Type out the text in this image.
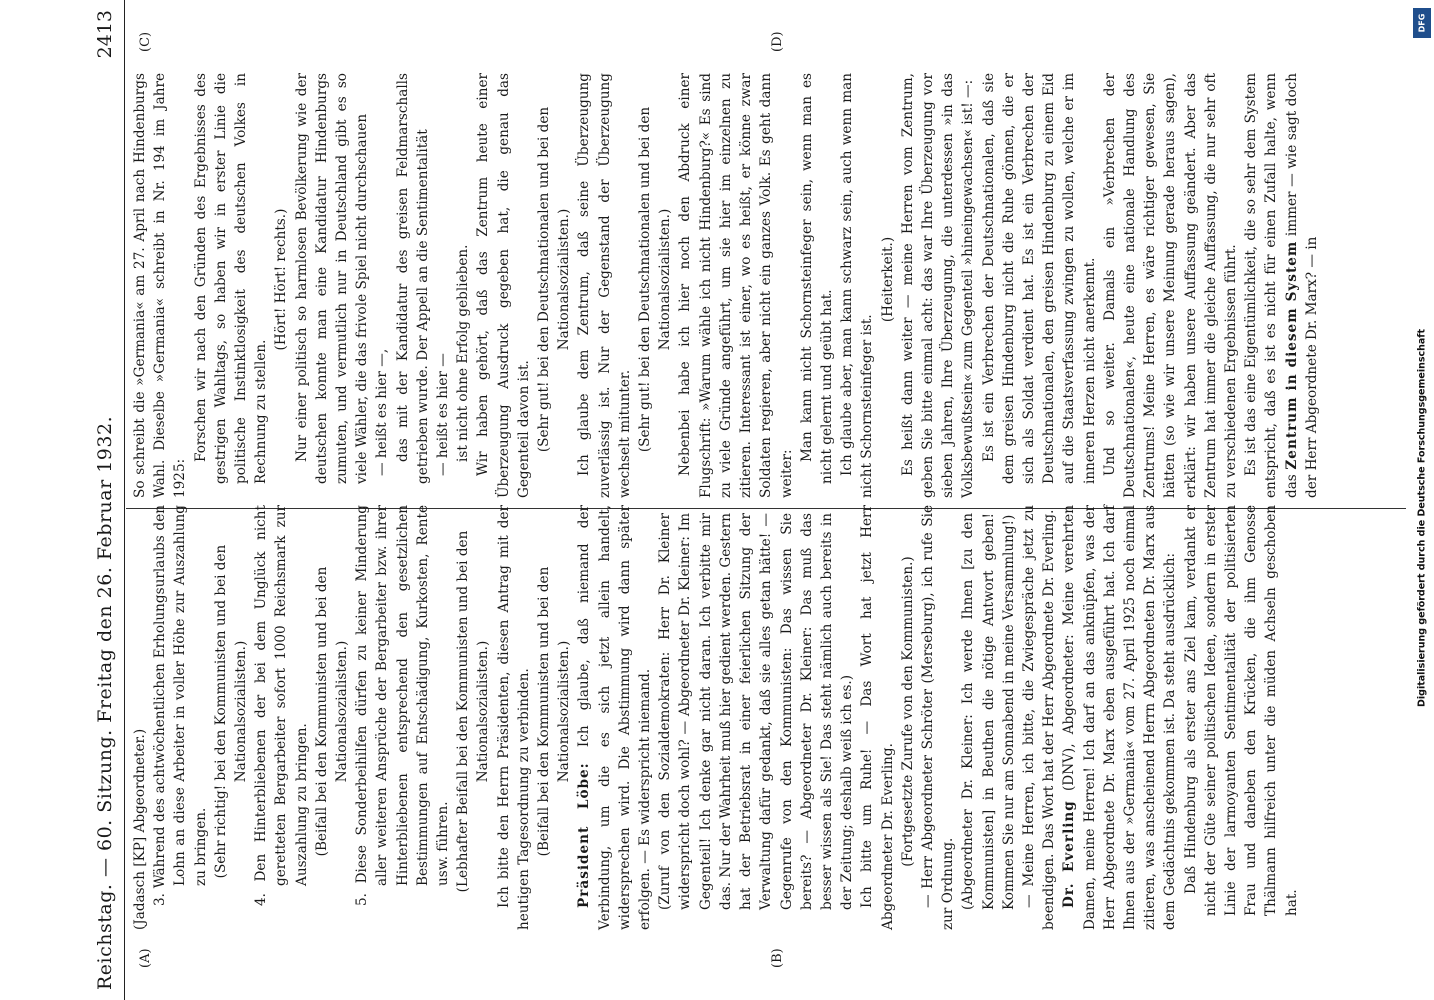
Reichstag. — 60. Sitzung. Freitag den 26. Februar 1932.
2413
(A)	(B)
(C)	(D)

(Jadasch [KP] Abgeordneter.) 3. Während des achtwöchentlichen Erholungsurlaubs den Lohn an diese Arbeiter in voller Höhe zur Auszahlung zu bringen. (Sehr richtig! bei den Kommunisten und bei den Nationalsozialisten.) 4. Den Hinterbliebenen der bei dem Unglück nicht geretteten Bergarbeiter sofort 1000 Reichsmark zur Auszahlung zu bringen. (Beifall bei den Kommunisten und bei den Nationalsozialisten.) 5. Diese Sonderbeihilfen dürfen zu keiner Minderung aller weiteren Ansprüche der Bergarbeiter bzw. ihrer Hinterbliebenen entsprechend den gesetzlichen Bestimmungen auf Entschädigung, Kurkosten, Rente usw. führen. (Lebhafter Beifall bei den Kommunisten und bei den Nationalsozialisten.) Ich bitte den Herrn Präsidenten, diesen Antrag mit der heutigen Tagesordnung zu verbinden. (Beifall bei den Kommunisten und bei den Nationalsozialisten.)

Präsident Löbe: Ich glaube, daß niemand der Verbindung, um die es sich jetzt allein handelt, widersprechen wird. Die Abstimmung wird dann später erfolgen. — Es widerspricht niemand. (Zuruf von den Sozialdemokraten: Herr Dr. Kleiner widerspricht doch wohl? — Abgeordneter Dr. Kleiner: Im Gegenteil! Ich denke gar nicht daran. Ich verbitte mir das. Nur der Wahrheit muß hier gedient werden. Gestern hat der Betriebsrat in einer feierlichen Sitzung der Verwaltung dafür gedankt, daß sie alles getan hätte! — Gegenrufe von den Kommunisten: Das wissen Sie bereits? — Abgeordneter Dr. Kleiner: Das muß das besser wissen als Sie! Das steht nämlich auch bereits in der Zeitung; deshalb weiß ich es.) Ich bitte um Ruhe! — Das Wort hat jetzt Herr Abgeordneter Dr. Everling. (Fortgesetzte Zurufe von den Kommunisten.) — Herr Abgeordneter Schröter (Merseburg), ich rufe Sie zur Ordnung. (Abgeordneter Dr. Kleiner: Ich werde Ihnen [zu den Kommunisten] in Beuthen die nötige Antwort geben! Kommen Sie nur am Sonnabend in meine Versammlung!) — Meine Herren, ich bitte, die Zwiegespräche jetzt zu beendigen. Das Wort hat der Herr Abgeordnete Dr. Everling. Dr. Everling (DNV), Abgeordneter: Meine verehrten Damen, meine Herren! Ich darf an das anknüpfen, was der Herr Abgeordnete Dr. Marx eben ausgeführt hat. Ich darf Ihnen aus der »Germania« vom 27. April 1925 noch einmal zitieren, was anscheinend Herrn Abgeordneten Dr. Marx aus dem Gedächtnis gekommen ist. Da steht ausdrücklich: Daß Hindenburg als erster ans Ziel kam, verdankt er nicht der Güte seiner politischen Ideen, sondern in erster Linie der larmoyanten Sentimentalität der politisierten Frau und daneben den Krücken, die ihm Genosse Thälmann hilfreich unter die müden Achseln geschoben hat.

So schreibt die »Germania« am 27. April nach Hindenburgs Wahl. Dieselbe »Germania« schreibt in Nr. 194 im Jahre 1925:

Forschen wir nach den Gründen des Ergebnisses des gestrigen Wahltags, so haben wir in erster Linie die politische Instinktlosigkeit des deutschen Volkes in Rechnung zu stellen.

(Hört! Hört! rechts.) Nur einer politisch so harmlosen Bevölkerung wie der deutschen konnte man eine Kandidatur Hindenburgs zumuten, und vermutlich nur in Deutschland gibt es so viele Wähler, die das frivole Spiel nicht durchschauen — heißt es hier —, das mit der Kandidatur des greisen Feldmarschalls getrieben wurde. Der Appell an die Sentimentalität — heißt es hier — ist nicht ohne Erfolg geblieben. Wir haben gehört, daß das Zentrum heute einer Überzeugung Ausdruck gegeben hat, die genau das Gegenteil davon ist. (Sehr gut! bei den Deutschnationalen und bei den Nationalsozialisten.) Ich glaube dem Zentrum, daß seine Überzeugung zuverlässig ist. Nur der Gegenstand der Überzeugung wechselt mitunter. (Sehr gut! bei den Deutschnationalen und bei den Nationalsozialisten.) Nebenbei habe ich hier noch den Abdruck einer Flugschrift: »Warum wähle ich nicht Hindenburg?« Es sind zu viele Gründe angeführt, um sie hier im einzelnen zu zitieren. Interessant ist einer, wo es heißt, er könne zwar Soldaten regieren, aber nicht ein ganzes Volk. Es geht dann weiter:

Man kann nicht Schornsteinfeger sein, wenn man es nicht gelernt und geübt hat. Ich glaube aber, man kann schwarz sein, auch wenn man nicht Schornsteinfeger ist.

(Heiterkeit.) Es heißt dann weiter — meine Herren vom Zentrum, geben Sie bitte einmal acht: das war Ihre Überzeugung vor sieben Jahren, Ihre Überzeugung, die unterdessen »in das Volksbewußtsein« zum Gegenteil »hineingewachsen« ist! —: Es ist ein Verbrechen der Deutschnationalen, daß sie dem greisen Hindenburg nicht die Ruhe gönnen, die er sich als Soldat verdient hat. Es ist ein Verbrechen der Deutschnationalen, den greisen Hindenburg zu einem Eid auf die Staatsverfassung zwingen zu wollen, welche er im inneren Herzen nicht anerkennt. Und so weiter. Damals ein »Verbrechen der Deutschnationalen«, heute eine nationale Handlung des Zentrums! Meine Herren, es wäre richtiger gewesen, Sie hätten (so wie wir unsere Meinung gerade heraus sagen), erklärt: wir haben unsere Auffassung geändert. Aber das Zentrum hat immer die gleiche Auffassung, die nur sehr oft zu verschiedenen Ergebnissen führt. Es ist das eine Eigentümlichkeit, die so sehr dem System entspricht, daß es ist es nicht für einen Zufall halte, wenn das Zentrum in diesem System immer — wie sagt doch der Herr Abgeordnete Dr. Marx? — in

DFG
Digitalisierung gefördert durch die Deutsche Forschungsgemeinschaft
